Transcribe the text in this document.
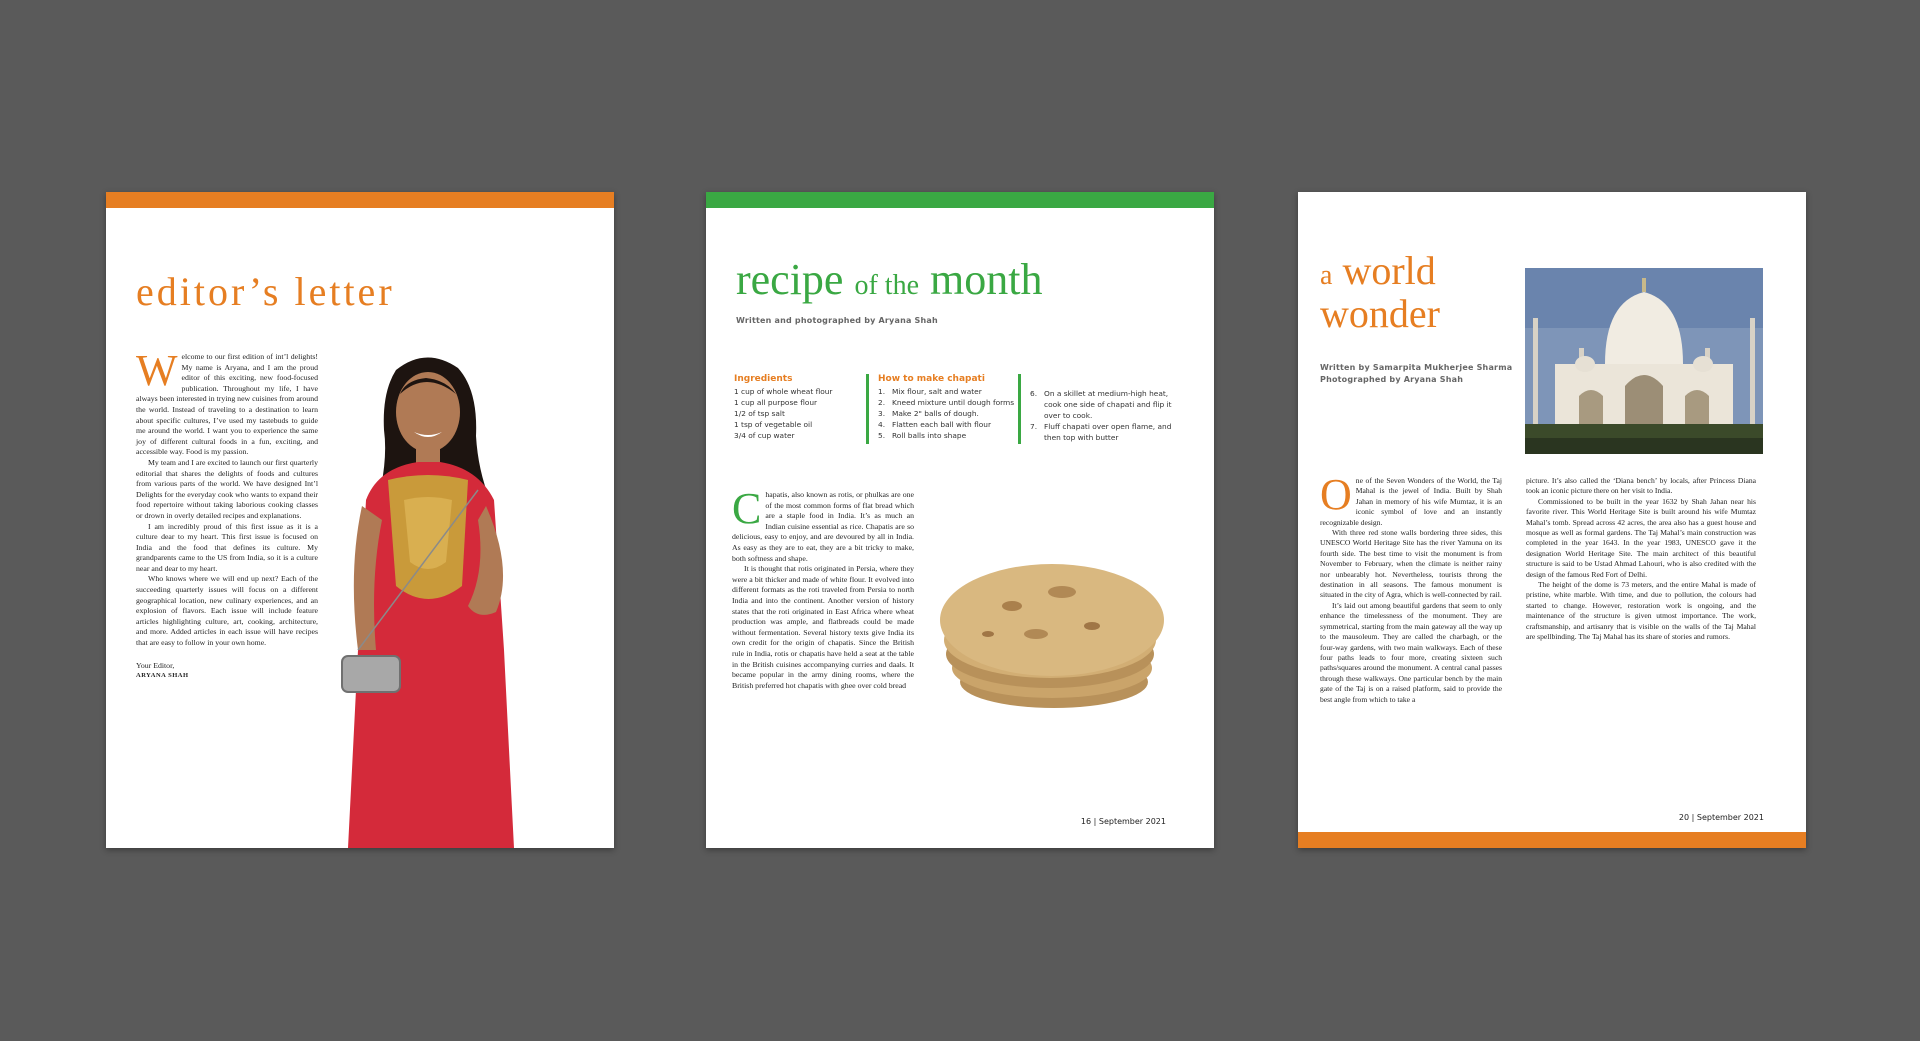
editor’s letter

W elcome to our first edition of int’l delights! My name is Aryana, and I am the proud editor of this exciting, new food-focused publication. Throughout my life, I have always been interested in trying new cuisines from around the world. Instead of traveling to a destination to learn about specific cultures, I’ve used my tastebuds to guide me around the world. I want you to experience the same joy of different cultural foods in a fun, exciting, and accessible way. Food is my passion.

My team and I are excited to launch our first quarterly editorial that shares the delights of foods and cultures from various parts of the world. We have designed Int’l Delights for the everyday cook who wants to expand their food repertoire without taking laborious cooking classes or drown in overly detailed recipes and explanations.

I am incredibly proud of this first issue as it is a culture dear to my heart. This first issue is focused on India and the food that defines its culture. My grandparents came to the US from India, so it is a culture near and dear to my heart.

Who knows where we will end up next? Each of the succeeding quarterly issues will focus on a different geographical location, new culinary experiences, and an explosion of flavors. Each issue will include feature articles highlighting culture, art, cooking, architecture, and more. Added articles in each issue will have recipes that are easy to follow in your own home.

Your Editor,
ARYANA SHAH
recipe of the month
Written and photographed by Aryana Shah
Ingredients
1 cup of whole wheat flour
1 cup all purpose flour
1/2 of tsp salt
1 tsp of vegetable oil
3/4 of cup water
How to make chapati
1. Mix flour, salt and water
2. Kneed mixture until dough forms
3. Make 2" balls of dough.
4. Flatten each ball with flour
5. Roll balls into shape
6. On a skillet at medium-high heat, cook one side of chapati and flip it over to cook.
7. Fluff chapati over open flame, and then top with butter

C hapatis, also known as rotis, or phulkas are one of the most common forms of flat bread which are a staple food in India. It’s as much an Indian cuisine essential as rice. Chapatis are so delicious, easy to enjoy, and are devoured by all in India. As easy as they are to eat, they are a bit tricky to make, both softness and shape.

It is thought that rotis originated in Persia, where they were a bit thicker and made of white flour. It evolved into different formats as the roti traveled from Persia to north India and into the continent. Another version of history states that the roti originated in East Africa where wheat production was ample, and flatbreads could be made without fermentation. Several history texts give India its own credit for the origin of chapatis. Since the British rule in India, rotis or chapatis have held a seat at the table in the British cuisines accompanying curries and daals. It became popular in the army dining rooms, where the British preferred hot chapatis with ghee over cold bread

16 | September 2021
a world
wonder
Written by Samarpita Mukherjee Sharma
Photographed by Aryana Shah

O ne of the Seven Wonders of the World, the Taj Mahal is the jewel of India. Built by Shah Jahan in memory of his wife Mumtaz, it is an iconic symbol of love and an instantly recognizable design.

With three red stone walls bordering three sides, this UNESCO World Heritage Site has the river Yamuna on its fourth side. The best time to visit the monument is from November to February, when the climate is neither rainy nor unbearably hot. Nevertheless, tourists throng the destination in all seasons. The famous monument is situated in the city of Agra, which is well-connected by rail.

It’s laid out among beautiful gardens that seem to only enhance the timelessness of the monument. They are symmetrical, starting from the main gateway all the way up to the mausoleum. They are called the charbagh, or the four-way gardens, with two main walkways. Each of these four paths leads to four more, creating sixteen such paths/squares around the monument. A central canal passes through these walkways. One particular bench by the main gate of the Taj is on a raised platform, said to provide the best angle from which to take a

picture. It’s also called the ‘Diana bench’ by locals, after Princess Diana took an iconic picture there on her visit to India.

Commissioned to be built in the year 1632 by Shah Jahan near his favorite river. This World Heritage Site is built around his wife Mumtaz Mahal’s tomb. Spread across 42 acres, the area also has a guest house and mosque as well as formal gardens. The Taj Mahal’s main construction was completed in the year 1643. In the year 1983, UNESCO gave it the designation World Heritage Site. The main architect of this beautiful structure is said to be Ustad Ahmad Lahouri, who is also credited with the design of the famous Red Fort of Delhi.

The height of the dome is 73 meters, and the entire Mahal is made of pristine, white marble. With time, and due to pollution, the colours had started to change. However, restoration work is ongoing, and the maintenance of the structure is given utmost importance. The work, craftsmanship, and artisanry that is visible on the walls of the Taj Mahal are spellbinding. The Taj Mahal has its share of stories and rumors.

20 | September 2021
